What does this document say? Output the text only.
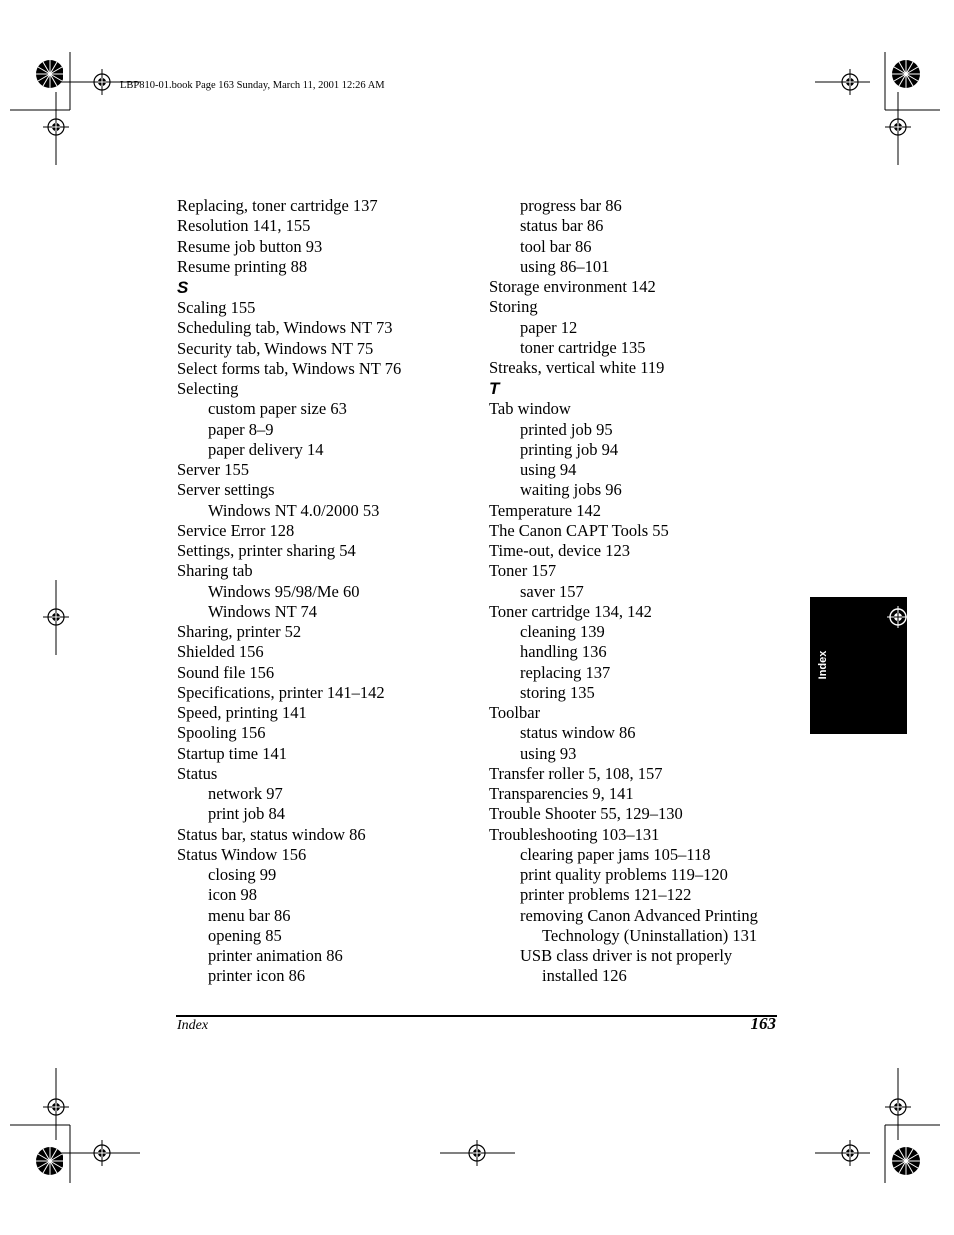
LBP810-01.book Page 163 Sunday, March 11, 2001 12:26 AM
Replacing, toner cartridge 137
Resolution 141, 155
Resume job button 93
Resume printing 88
S
Scaling 155
Scheduling tab, Windows NT 73
Security tab, Windows NT 75
Select forms tab, Windows NT 76
Selecting
custom paper size 63
paper 8–9
paper delivery 14
Server 155
Server settings
Windows NT 4.0/2000 53
Service Error 128
Settings, printer sharing 54
Sharing tab
Windows 95/98/Me 60
Windows NT 74
Sharing, printer 52
Shielded 156
Sound file 156
Specifications, printer 141–142
Speed, printing 141
Spooling 156
Startup time 141
Status
network 97
print job 84
Status bar, status window 86
Status Window 156
closing 99
icon 98
menu bar 86
opening 85
printer animation 86
printer icon 86
progress bar 86
status bar 86
tool bar 86
using 86–101
Storage environment 142
Storing
paper 12
toner cartridge 135
Streaks, vertical white 119
T
Tab window
printed job 95
printing job 94
using 94
waiting jobs 96
Temperature 142
The Canon CAPT Tools 55
Time-out, device 123
Toner 157
saver 157
Toner cartridge 134, 142
cleaning 139
handling 136
replacing 137
storing 135
Toolbar
status window 86
using 93
Transfer roller 5, 108, 157
Transparencies 9, 141
Trouble Shooter 55, 129–130
Troubleshooting 103–131
clearing paper jams 105–118
print quality problems 119–120
printer problems 121–122
removing Canon Advanced Printing
Technology (Uninstallation) 131
USB class driver is not properly
installed 126
Index	163
Index
